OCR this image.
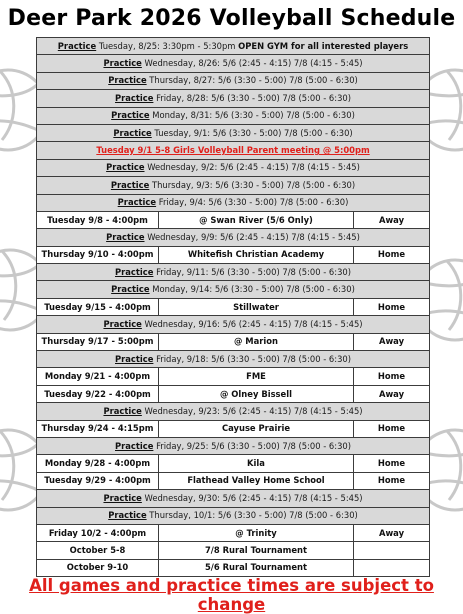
Deer Park 2026 Volleyball Schedule
Practice Tuesday, 8/25: 3:30pm - 5:30pm OPEN GYM for all interested players		
Practice Wednesday, 8/26: 5/6 (2:45 - 4:15) 7/8 (4:15 - 5:45)		
Practice Thursday, 8/27: 5/6 (3:30 - 5:00) 7/8 (5:00 - 6:30)		
Practice Friday, 8/28: 5/6 (3:30 - 5:00) 7/8 (5:00 - 6:30)		
Practice Monday, 8/31: 5/6 (3:30 - 5:00) 7/8 (5:00 - 6:30)		
Practice Tuesday, 9/1: 5/6 (3:30 - 5:00) 7/8 (5:00 - 6:30)		
Tuesday 9/1 5-8 Girls Volleyball Parent meeting @ 5:00pm		
Practice Wednesday, 9/2: 5/6 (2:45 - 4:15) 7/8 (4:15 - 5:45)		
Practice Thursday, 9/3: 5/6 (3:30 - 5:00) 7/8 (5:00 - 6:30)		
Practice Friday, 9/4: 5/6 (3:30 - 5:00) 7/8 (5:00 - 6:30)		
Tuesday 9/8 - 4:00pm	@ Swan River (5/6 Only)	Away
Practice Wednesday, 9/9: 5/6 (2:45 - 4:15) 7/8 (4:15 - 5:45)		
Thursday 9/10 - 4:00pm	Whitefish Christian Academy	Home
Practice Friday, 9/11: 5/6 (3:30 - 5:00) 7/8 (5:00 - 6:30)		
Practice Monday, 9/14: 5/6 (3:30 - 5:00) 7/8 (5:00 - 6:30)		
Tuesday 9/15 - 4:00pm	Stillwater	Home
Practice Wednesday, 9/16: 5/6 (2:45 - 4:15) 7/8 (4:15 - 5:45)		
Thursday 9/17 - 5:00pm	@ Marion	Away
Practice Friday, 9/18: 5/6 (3:30 - 5:00) 7/8 (5:00 - 6:30)		
Monday 9/21 - 4:00pm	FME	Home
Tuesday 9/22 - 4:00pm	@ Olney Bissell	Away
Practice Wednesday, 9/23: 5/6 (2:45 - 4:15) 7/8 (4:15 - 5:45)		
Thursday 9/24 - 4:15pm	Cayuse Prairie	Home
Practice Friday, 9/25: 5/6 (3:30 - 5:00) 7/8 (5:00 - 6:30)		
Monday 9/28 - 4:00pm	Kila	Home
Tuesday 9/29 - 4:00pm	Flathead Valley Home School	Home
Practice Wednesday, 9/30: 5/6 (2:45 - 4:15) 7/8 (4:15 - 5:45)		
Practice Thursday, 10/1: 5/6 (3:30 - 5:00) 7/8 (5:00 - 6:30)		
Friday 10/2 - 4:00pm	@ Trinity	Away
October 5-8	7/8 Rural Tournament	
October 9-10	5/6 Rural Tournament	
All games and practice times are subject to change
